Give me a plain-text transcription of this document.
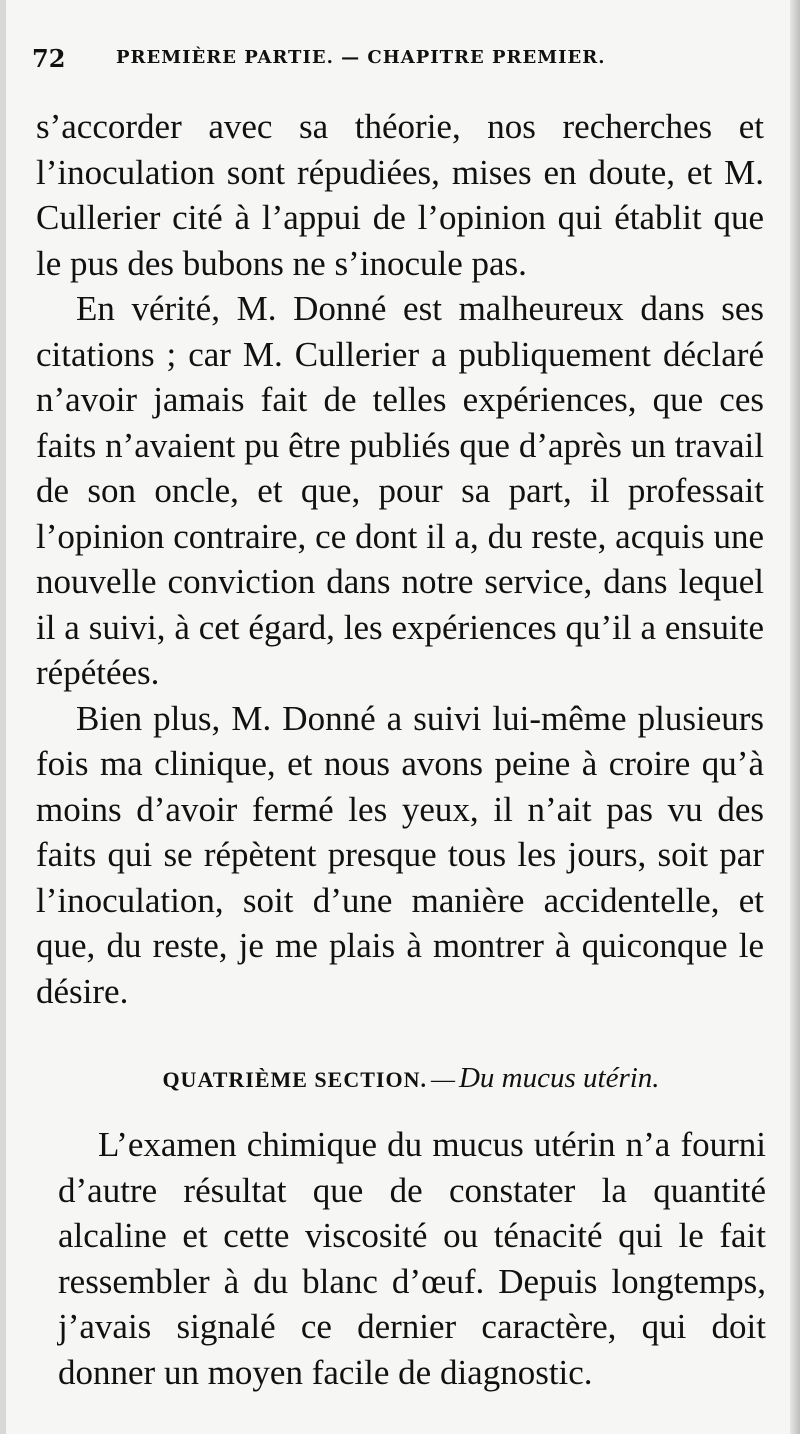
72	PREMIÈRE PARTIE. — CHAPITRE PREMIER.

s’accorder avec sa théorie, nos recherches et l’inoculation sont répudiées, mises en doute, et M. Cullerier cité à l’appui de l’opinion qui établit que le pus des bubons ne s’inocule pas.

En vérité, M. Donné est malheureux dans ses citations ; car M. Cullerier a publiquement déclaré n’avoir jamais fait de telles expériences, que ces faits n’avaient pu être publiés que d’après un travail de son oncle, et que, pour sa part, il professait l’opinion contraire, ce dont il a, du reste, acquis une nouvelle conviction dans notre service, dans lequel il a suivi, à cet égard, les expériences qu’il a ensuite répétées.

Bien plus, M. Donné a suivi lui-même plusieurs fois ma clinique, et nous avons peine à croire qu’à moins d’avoir fermé les yeux, il n’ait pas vu des faits qui se répètent presque tous les jours, soit par l’inoculation, soit d’une manière accidentelle, et que, du reste, je me plais à montrer à quiconque le désire.

QUATRIÈME SECTION. — Du mucus utérin.

L’examen chimique du mucus utérin n’a fourni d’autre résultat que de constater la quantité alcaline et cette viscosité ou ténacité qui le fait ressembler à du blanc d’œuf. Depuis longtemps, j’avais signalé ce dernier caractère, qui doit donner un moyen facile de diagnostic.
